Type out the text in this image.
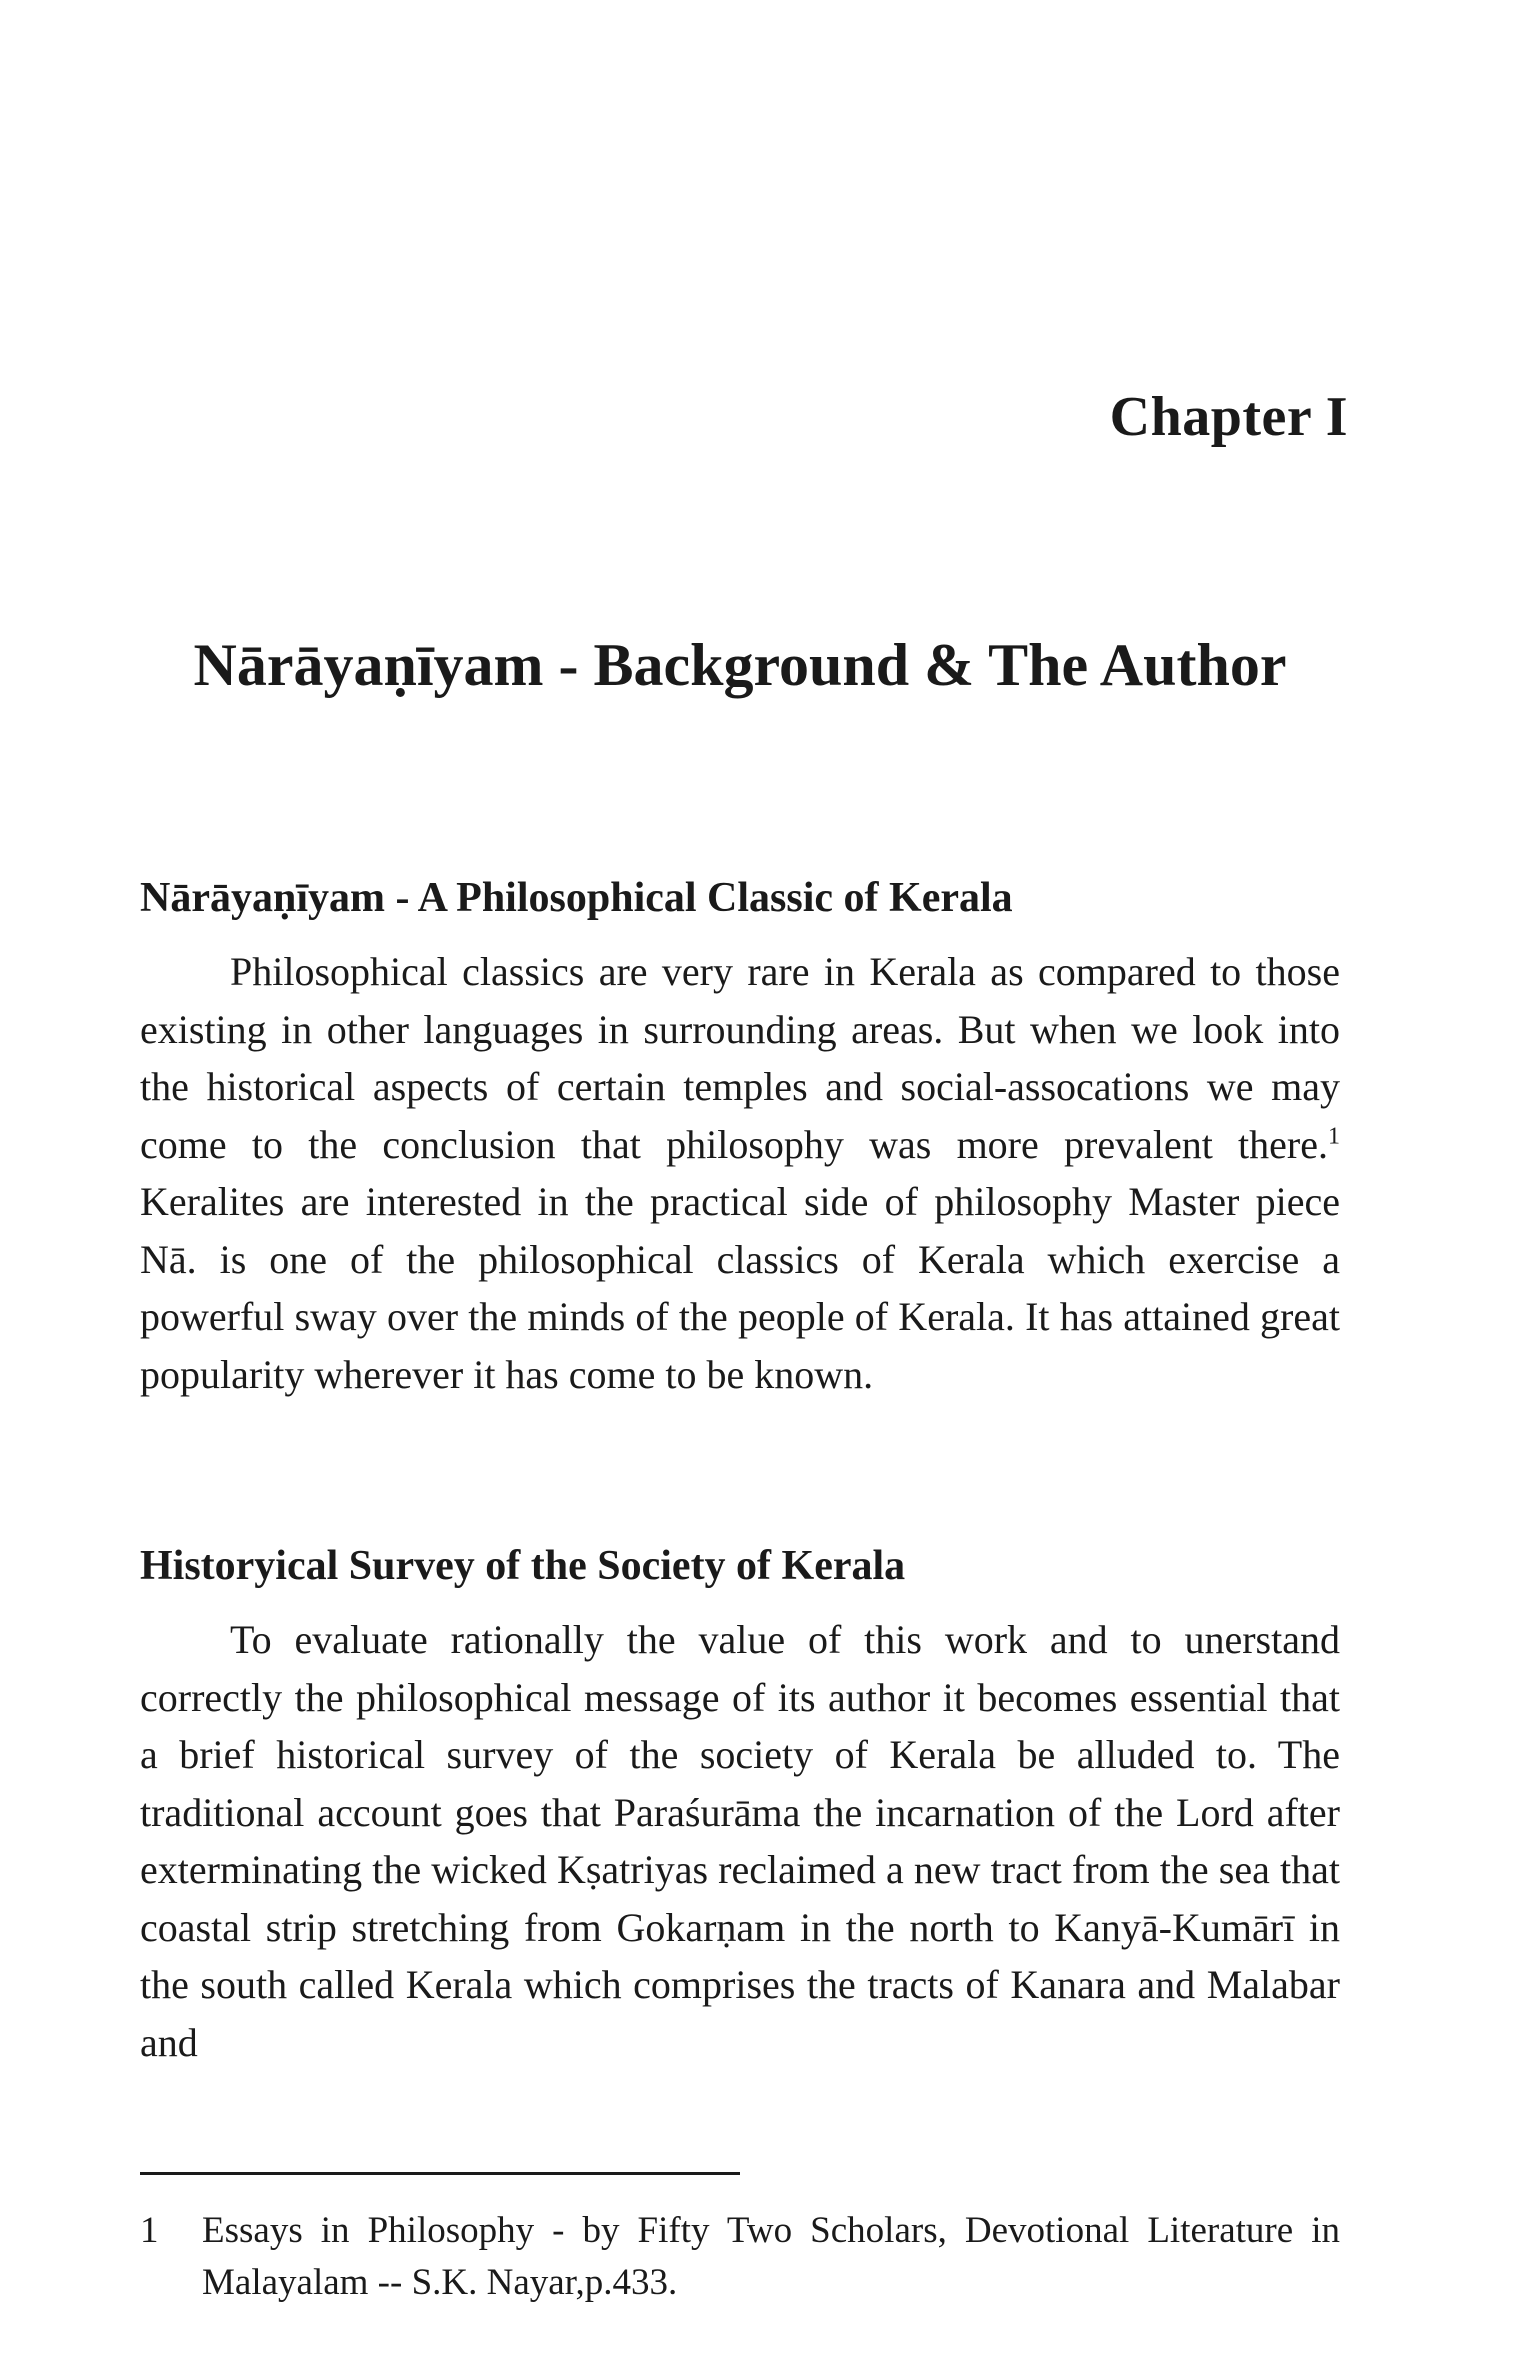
Chapter I
Nārāyaṇīyam - Background & The Author
Nārāyaṇīyam - A Philosophical Classic of Kerala

Philosophical classics are very rare in Kerala as compared to those existing in other languages in surrounding areas. But when we look into the historical aspects of certain temples and social-assocations we may come to the conclusion that philosophy was more prevalent there.$^1$ Keralites are interested in the practical side of philosophy Master piece Nā. is one of the philosophical classics of Kerala which exercise a powerful sway over the minds of the people of Kerala. It has attained great popularity wherever it has come to be known.

Historyical Survey of the Society of Kerala

To evaluate rationally the value of this work and to unerstand correctly the philosophical message of its author it becomes essential that a brief historical survey of the society of Kerala be alluded to. The traditional account goes that Paraśurāma the incarnation of the Lord after exterminating the wicked Kṣatriyas reclaimed a new tract from the sea that coastal strip stretching from Gokarṇam in the north to Kanyā-Kumārī in the south called Kerala which comprises the tracts of Kanara and Malabar and

1 Essays in Philosophy - by Fifty Two Scholars, Devotional Literature in Malayalam -- S.K. Nayar,p.433.
